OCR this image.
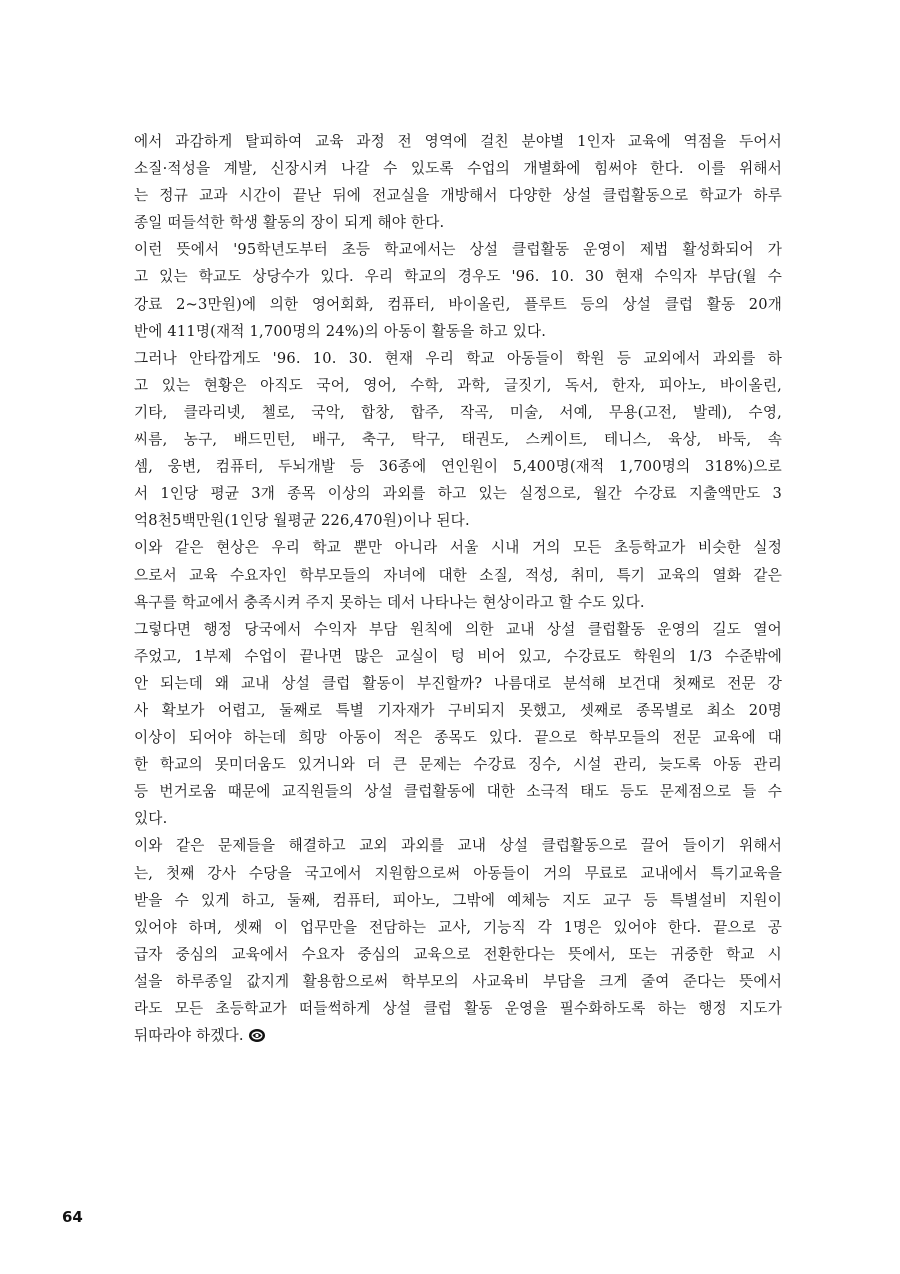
에서 과감하게 탈피하여 교육 과정 전 영역에 걸친 분야별 1인자 교육에 역점을 두어서
소질·적성을 계발, 신장시켜 나갈 수 있도록 수업의 개별화에 힘써야 한다. 이를 위해서
는 정규 교과 시간이 끝난 뒤에 전교실을 개방해서 다양한 상설 클럽활동으로 학교가 하루
종일 떠들석한 학생 활동의 장이 되게 해야 한다.
이런 뜻에서 '95학년도부터 초등 학교에서는 상설 클럽활동 운영이 제법 활성화되어 가
고 있는 학교도 상당수가 있다. 우리 학교의 경우도 '96. 10. 30 현재 수익자 부담(월 수
강료 2~3만원)에 의한 영어회화, 컴퓨터, 바이올린, 플루트 등의 상설 클럽 활동 20개
반에 411명(재적 1,700명의 24%)의 아동이 활동을 하고 있다.
그러나 안타깝게도 '96. 10. 30. 현재 우리 학교 아동들이 학원 등 교외에서 과외를 하
고 있는 현황은 아직도 국어, 영어, 수학, 과학, 글짓기, 독서, 한자, 피아노, 바이올린,
기타, 클라리넷, 첼로, 국악, 합창, 합주, 작곡, 미술, 서예, 무용(고전, 발레), 수영,
씨름, 농구, 배드민턴, 배구, 축구, 탁구, 태권도, 스케이트, 테니스, 육상, 바둑, 속
셈, 웅변, 컴퓨터, 두뇌개발 등 36종에 연인원이 5,400명(재적 1,700명의 318%)으로
서 1인당 평균 3개 종목 이상의 과외를 하고 있는 실정으로, 월간 수강료 지출액만도 3
억8천5백만원(1인당 월평균 226,470원)이나 된다.
이와 같은 현상은 우리 학교 뿐만 아니라 서울 시내 거의 모든 초등학교가 비슷한 실정
으로서 교육 수요자인 학부모들의 자녀에 대한 소질, 적성, 취미, 특기 교육의 열화 같은
욕구를 학교에서 충족시켜 주지 못하는 데서 나타나는 현상이라고 할 수도 있다.
그렇다면 행정 당국에서 수익자 부담 원칙에 의한 교내 상설 클럽활동 운영의 길도 열어
주었고, 1부제 수업이 끝나면 많은 교실이 텅 비어 있고, 수강료도 학원의 1/3 수준밖에
안 되는데 왜 교내 상설 클럽 활동이 부진할까? 나름대로 분석해 보건대 첫째로 전문 강
사 확보가 어렵고, 둘째로 특별 기자재가 구비되지 못했고, 셋째로 종목별로 최소 20명
이상이 되어야 하는데 희망 아동이 적은 종목도 있다. 끝으로 학부모들의 전문 교육에 대
한 학교의 못미더움도 있거니와 더 큰 문제는 수강료 징수, 시설 관리, 늦도록 아동 관리
등 번거로움 때문에 교직원들의 상설 클럽활동에 대한 소극적 태도 등도 문제점으로 들 수
있다.
이와 같은 문제들을 해결하고 교외 과외를 교내 상설 클럽활동으로 끌어 들이기 위해서
는, 첫째 강사 수당을 국고에서 지원함으로써 아동들이 거의 무료로 교내에서 특기교육을
받을 수 있게 하고, 둘째, 컴퓨터, 피아노, 그밖에 예체능 지도 교구 등 특별설비 지원이
있어야 하며, 셋째 이 업무만을 전담하는 교사, 기능직 각 1명은 있어야 한다. 끝으로 공
급자 중심의 교육에서 수요자 중심의 교육으로 전환한다는 뜻에서, 또는 귀중한 학교 시
설을 하루종일 값지게 활용함으로써 학부모의 사교육비 부담을 크게 줄여 준다는 뜻에서
라도 모든 초등학교가 떠들썩하게 상설 클럽 활동 운영을 필수화하도록 하는 행정 지도가
뒤따라야 하겠다.
64
